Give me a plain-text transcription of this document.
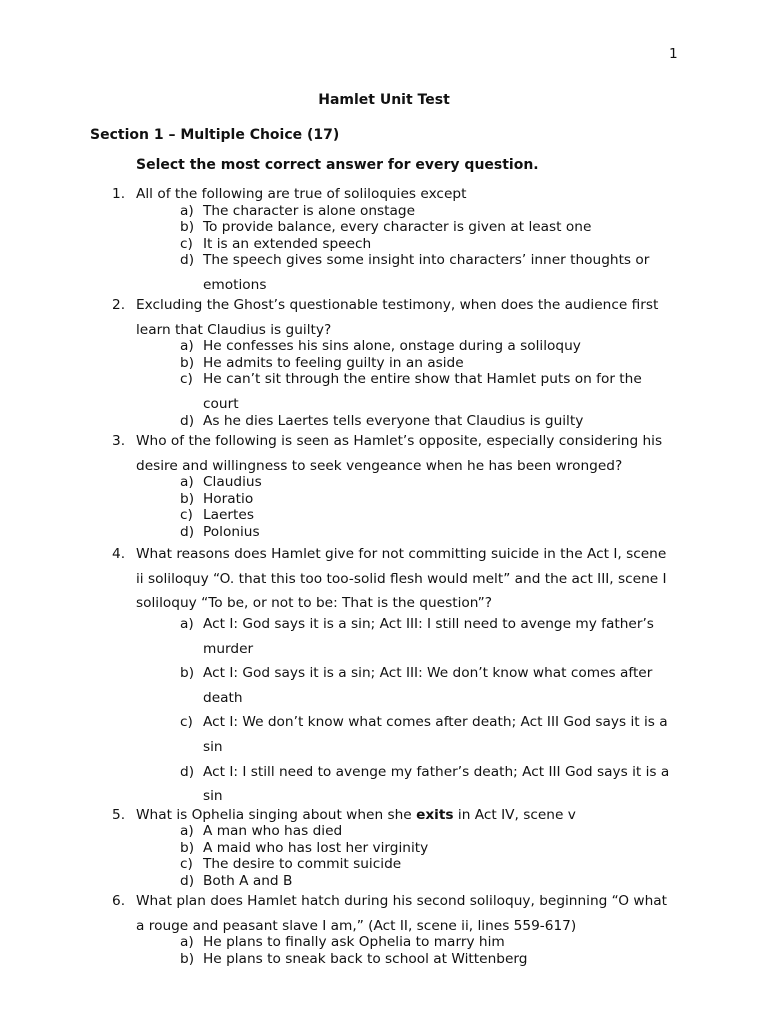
1
Hamlet Unit Test
Section 1 – Multiple Choice (17)
Select the most correct answer for every question.
1. All of the following are true of soliloquies except
a) The character is alone onstage
b) To provide balance, every character is given at least one
c) It is an extended speech
d) The speech gives some insight into characters’ inner thoughts or emotions
2. Excluding the Ghost’s questionable testimony, when does the audience first learn that Claudius is guilty?
a) He confesses his sins alone, onstage during a soliloquy
b) He admits to feeling guilty in an aside
c) He can’t sit through the entire show that Hamlet puts on for the court
d) As he dies Laertes tells everyone that Claudius is guilty
3. Who of the following is seen as Hamlet’s opposite, especially considering his desire and willingness to seek vengeance when he has been wronged?
a) Claudius
b) Horatio
c) Laertes
d) Polonius
4. What reasons does Hamlet give for not committing suicide in the Act I, scene ii soliloquy “O. that this too too-solid flesh would melt” and the act III, scene I soliloquy “To be, or not to be: That is the question”?
a) Act I: God says it is a sin; Act III: I still need to avenge my father’s murder
b) Act I: God says it is a sin; Act III: We don’t know what comes after death
c) Act I: We don’t know what comes after death; Act III God says it is a sin
d) Act I: I still need to avenge my father’s death; Act III God says it is a sin
5. What is Ophelia singing about when she exits in Act IV, scene v
a) A man who has died
b) A maid who has lost her virginity
c) The desire to commit suicide
d) Both A and B
6. What plan does Hamlet hatch during his second soliloquy, beginning “O what a rouge and peasant slave I am,” (Act II, scene ii, lines 559-617)
a) He plans to finally ask Ophelia to marry him
b) He plans to sneak back to school at Wittenberg
